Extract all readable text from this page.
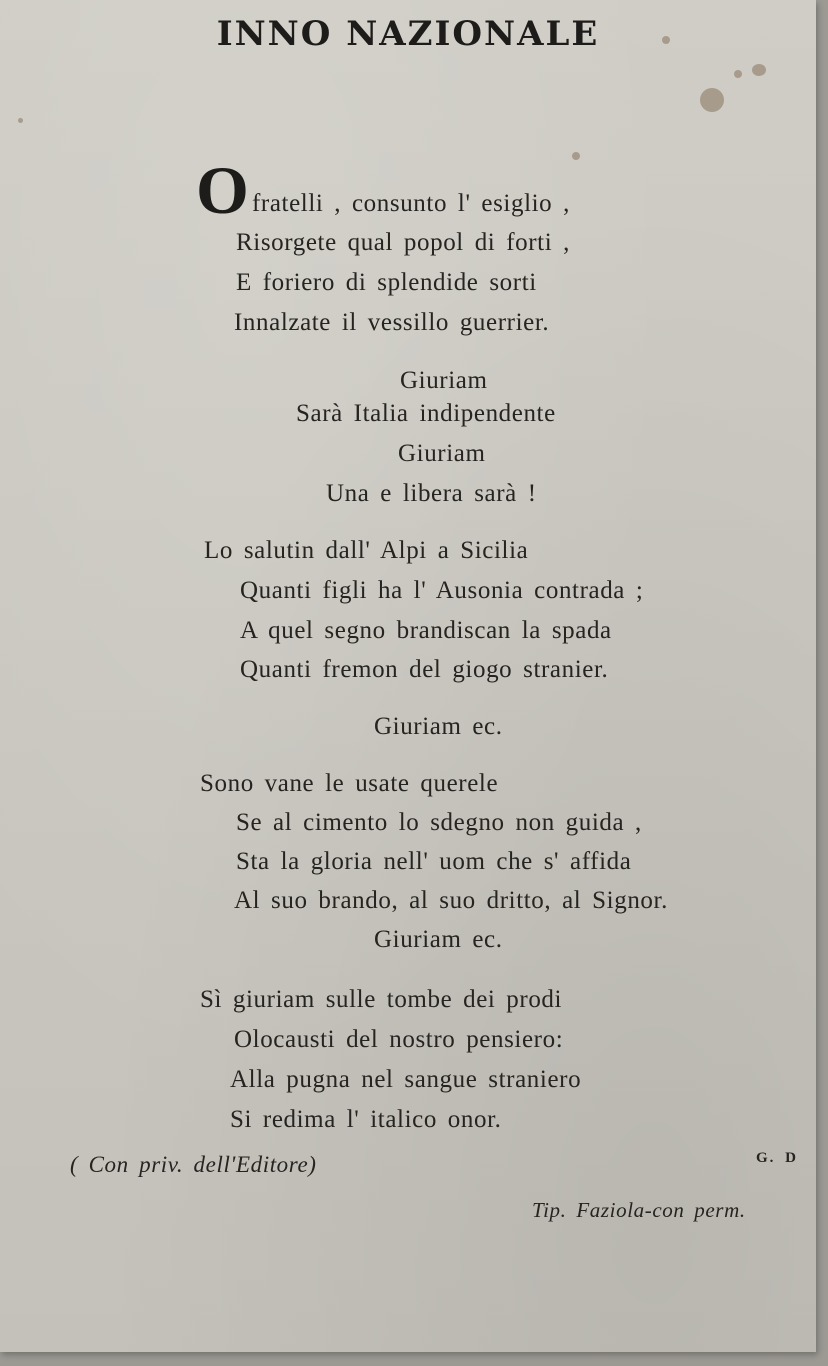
INNO NAZIONALE
O fratelli , consunto l' esiglio ,
Risorgete qual popol di forti ,
E foriero di splendide sorti
Innalzate il vessillo guerrier.
Giuriam
Sarà Italia indipendente
Giuriam
Una e libera sarà !
Lo salutin dall' Alpi a Sicilia
Quanti figli ha l' Ausonia contrada ;
A quel segno brandiscan la spada
Quanti fremon del giogo stranier.
Giuriam ec.
Sono vane le usate querele
Se al cimento lo sdegno non guida ,
Sta la gloria nell' uom che s' affida
Al suo brando, al suo dritto, al Signor.
Giuriam ec.
Sì giuriam sulle tombe dei prodi
Olocausti del nostro pensiero:
Alla pugna nel sangue straniero
Si redima l' italico onor.
( Con priv. dell'Editore)	G. D
Tip. Faziola-con perm.
